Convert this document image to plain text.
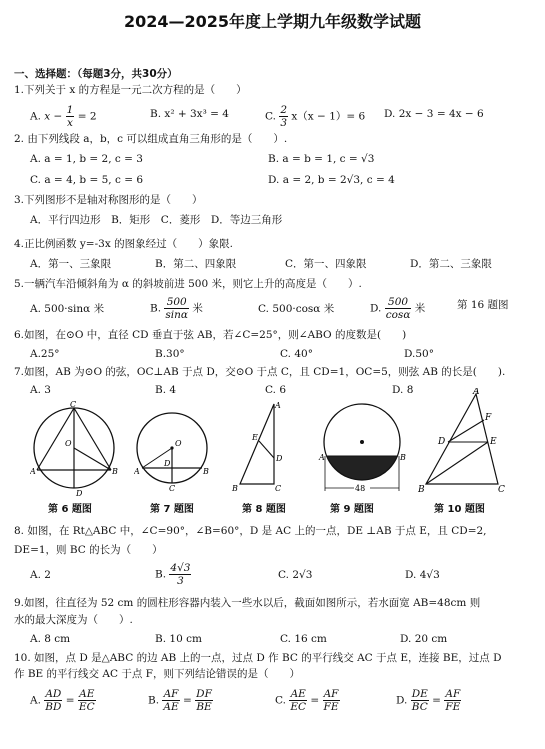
2024—2025年度上学期九年级数学试题
一、选择题：（每题3分，共30分）
1.下列关于 x 的方程是一元二次方程的是（　　）
A. $x - \frac{1}{x} = 2$	B. x² + 3x³ = 4	C. $\frac{2}{3} x(x - 1)= 6$ D. 2x − 3 = 4x − 6
2. 由下列线段 a，b，c 可以组成直角三角形的是（　　）.
A. a = 1, b = 2, c = 3	B. a = b = 1, c = √3
C. a = 4, b = 5, c = 6	D. a = 2, b = 2√3, c = 4
3.下列图形不是轴对称图形的是（　　）
A．平行四边形　B．矩形　C．菱形　D．等边三角形
4.正比例函数 y=-3x 的图象经过（　　）象限.
A．第一、三象限	B．第二、四象限	C．第一、四象限	D．第二、三象限
5.一辆汽车沿倾斜角为 α 的斜坡前进 500 米，则它上升的高度是（　　）.
A. 500·sinα 米	B. $\frac{500}{\sin\alpha}$ 米	C. 500·cosα 米	D. $\frac{500}{\cos\alpha}$ 米	第 16 题图
6.如图，在⊙O 中，直径 CD 垂直于弦 AB，若∠C=25°，则∠ABO 的度数是(　　)
A.25°	B.30°	C. 40°	D.50°
7.如图，AB 为⊙O 的弦，OC⊥AB 于点 D，交⊙O 于点 C，且 CD=1，OC=5，则弦 AB 的长是(　　).
A. 3	B. 4	C. 6	D. 8
C
O
A	B
D
第 6 题图
O
D
A	B
C
第 7 题图
A
B	C
D
E
第 8 题图
A	B
48
第 9 题图
A
B	C
D	E
F
第 10 题图
8. 如图，在 Rt△ABC 中，∠C=90°，∠B=60°，D 是 AC 上的一点，DE ⊥AB 于点 E，且 CD=2,
DE=1，则 BC 的长为（　　）
A. 2	B. $\frac{4√3}{3}$	C. 2√3	D. 4√3
9.如图，往直径为 52 cm 的圆柱形容器内装入一些水以后，截面如图所示，若水面宽 AB=48cm 则
水的最大深度为（　　）.
A. 8 cm	B. 10 cm	C. 16 cm	D. 20 cm
10. 如图，点 D 是△ABC 的边 AB 上的一点，过点 D 作 BC 的平行线交 AC 于点 E，连接 BE，过点 D
作 BE 的平行线交 AC 于点 F，则下列结论错误的是（　　）
A. $\frac{AD}{BD} = \frac{AE}{EC}$	B. $\frac{AF}{AE} = \frac{DF}{BE}$	C. $\frac{AE}{EC} = \frac{AF}{FE}$	D. $\frac{DE}{BC} = \frac{AF}{FE}$
